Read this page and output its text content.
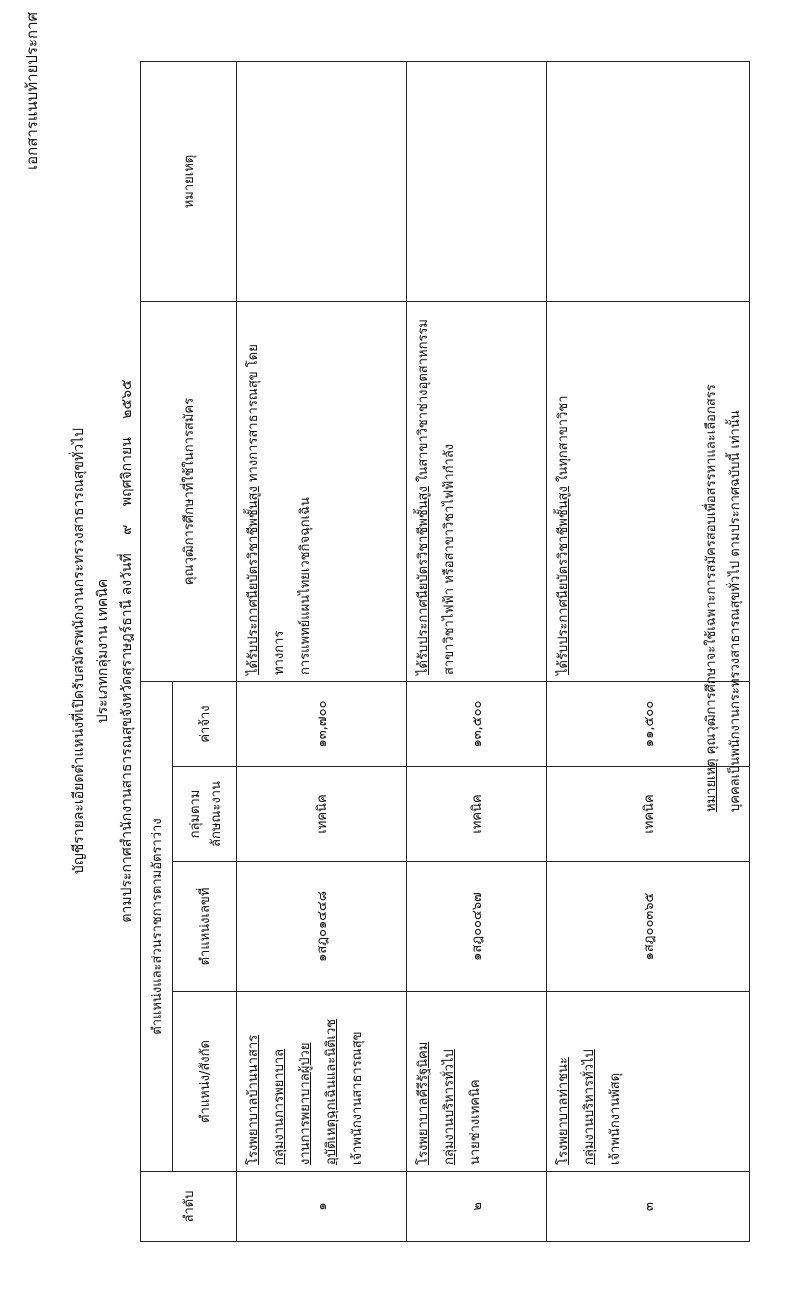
เอกสารแนบท้ายประกาศ
บัญชีรายละเอียดตำแหน่งที่เปิดรับสมัครพนักงานกระทรวงสาธารณสุขทั่วไป ประเภทกลุ่มงาน เทคนิค ตามประกาศสำนักงานสาธารณสุขจังหวัดสุราษฎร์ธานี ลงวันที่ ๙ พฤศจิกายน ๒๕๖๕
ลำดับ	ตำแหน่งและส่วนราชการตามอัตราว่าง				คุณวุฒิการศึกษาที่ใช้ในการสมัคร	หมายเหตุ
	ตำแหน่ง/สังกัด	ตำแหน่งเลขที่	กลุ่มตามลักษณะงาน	ค่าจ้าง		
๑	โรงพยาบาลบ้านนาสาร กลุ่มงานการพยาบาล งานการพยาบาลผู้ป่วยอุบัติเหตุฉุกเฉินและนิติเวช เจ้าพนักงานสาธารณสุข	๑สฎ๐๑๔๔๘	เทคนิค	๑๓,๗๐๐	ได้รับประกาศนียบัตรวิชาชีพชั้นสูง ทางการสาธารณสุข โดยทางการ การแพทย์แผนไทยเวชกิจฉุกเฉิน	

๒	โรงพยาบาลคีรีรัฐนิคม กลุ่มงานบริหารทั่วไป นายช่างเทคนิค	๑สฎ๐๐๔๖๗	เทคนิค	๑๓,๕๐๐	ได้รับประกาศนียบัตรวิชาชีพชั้นสูง ในสาขาวิชาช่างอุตสาหกรรม
สาขาวิชาไฟฟ้า หรือสาขาวิชาไฟฟ้ากำลัง	

๓	โรงพยาบาลท่าชนะ กลุ่มงานบริหารทั่วไป เจ้าพนักงานพัสดุ	๑สฎ๐๐๓๖๕	เทคนิค	๑๑,๕๐๐	ได้รับประกาศนียบัตรวิชาชีพชั้นสูง ในทุกสาขาวิชา

หมายเหตุ คุณวุฒิการศึกษาจะใช้เฉพาะการสมัครสอบเพื่อสรรหาและเลือกสรร บุคคลเป็นพนักงานกระทรวงสาธารณสุขทั่วไป ตามประกาศฉบับนี้ เท่านั้น
